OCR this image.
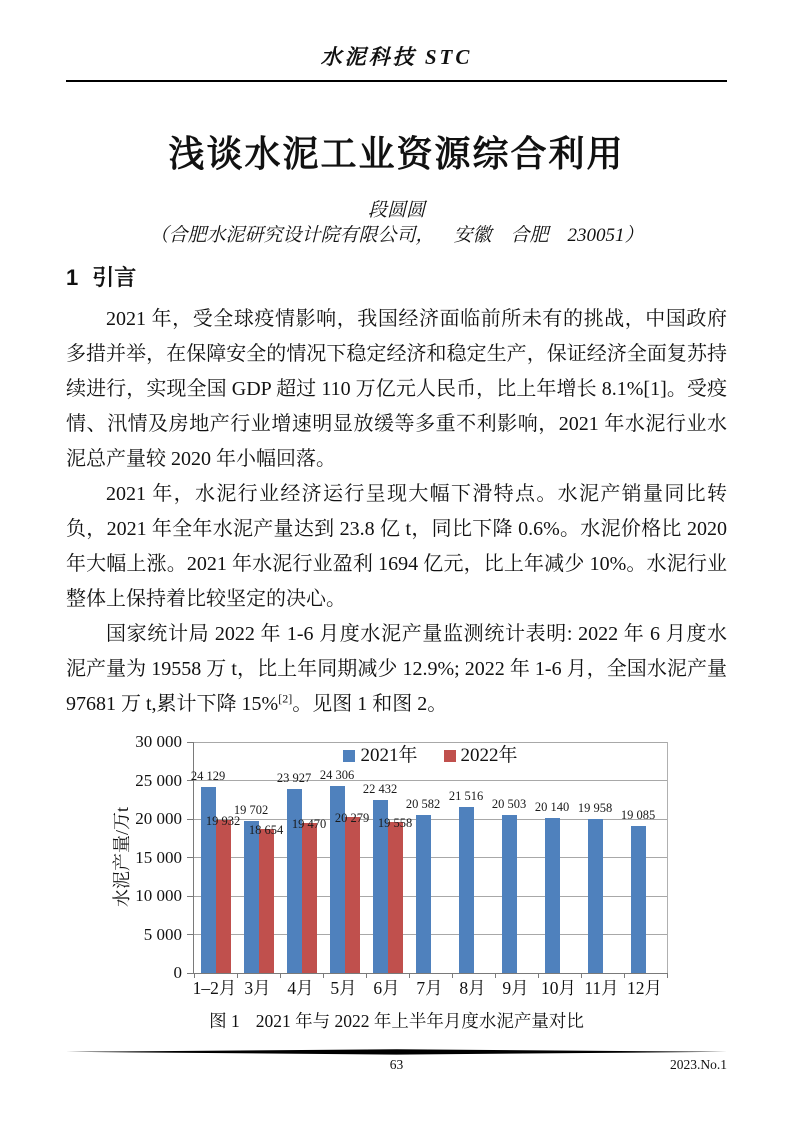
水泥科技 STC
浅谈水泥工业资源综合利用
段圆圆
（合肥水泥研究设计院有限公司， 安徽 合肥 230051）
1 引言

2021 年，受全球疫情影响，我国经济面临前所未有的挑战，中国政府多措并举，在保障安全的情况下稳定经济和稳定生产，保证经济全面复苏持续进行，实现全国 GDP 超过 110 万亿元人民币，比上年增长 8.1%[1]。受疫情、汛情及房地产行业增速明显放缓等多重不利影响，2021 年水泥行业水泥总产量较 2020 年小幅回落。

2021 年，水泥行业经济运行呈现大幅下滑特点。水泥产销量同比转负，2021 年全年水泥产量达到 23.8 亿 t，同比下降 0.6%。水泥价格比 2020 年大幅上涨。2021 年水泥行业盈利 1694 亿元，比上年减少 10%。水泥行业整体上保持着比较坚定的决心。

国家统计局 2022 年 1-6 月度水泥产量监测统计表明: 2022 年 6 月度水泥产量为 19558 万 t，比上年同期减少 12.9%; 2022 年 1-6 月，全国水泥产量 97681 万 t,累计下降 15%[2]。见图 1 和图 2。

水泥产量/万t
0
5 000
10 000
15 000
20 000
25 000
30 000
2021年 2022年
24 129
19 702
23 927 24 306
22 432
20 582
21 516
20 503 20 140 19 958 19 085
19 932
18 654 19 470 20 279 19 558
1–2月 3月 4月 5月 6月 7月 8月 9月 10月 11月 12月
图 1 2021 年与 2022 年上半年月度水泥产量对比
63	2023.No.1
